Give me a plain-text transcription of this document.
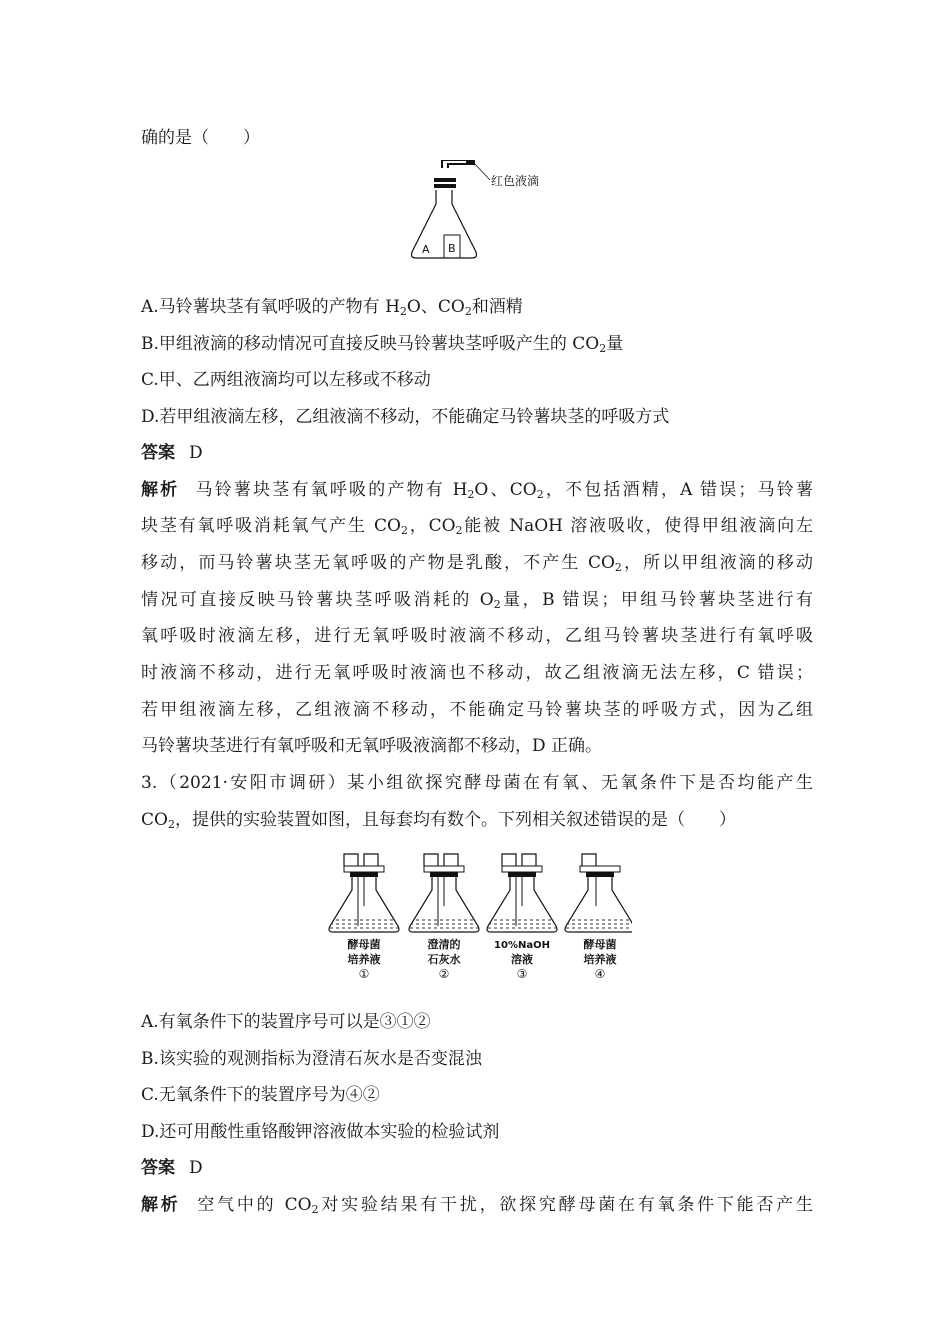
确的是（　　）
红色液滴
A B
A.马铃薯块茎有氧呼吸的产物有 $H_2O$、$CO_2$和酒精
B.甲组液滴的移动情况可直接反映马铃薯块茎呼吸产生的 $CO_2$量
C.甲、乙两组液滴均可以左移或不移动
D.若甲组液滴左移，乙组液滴不移动，不能确定马铃薯块茎的呼吸方式
答案 D
解析 马铃薯块茎有氧呼吸的产物有 $H_2O$、$CO_2$，不包括酒精，A 错误；马铃薯
块茎有氧呼吸消耗氧气产生 $CO_2$，$CO_2$能被 NaOH 溶液吸收，使得甲组液滴向左
移动，而马铃薯块茎无氧呼吸的产物是乳酸，不产生 $CO_2$，所以甲组液滴的移动
情况可直接反映马铃薯块茎呼吸消耗的 $O_2$量，B 错误；甲组马铃薯块茎进行有
氧呼吸时液滴左移，进行无氧呼吸时液滴不移动，乙组马铃薯块茎进行有氧呼吸
时液滴不移动，进行无氧呼吸时液滴也不移动，故乙组液滴无法左移，C 错误；
若甲组液滴左移，乙组液滴不移动，不能确定马铃薯块茎的呼吸方式，因为乙组
马铃薯块茎进行有氧呼吸和无氧呼吸液滴都不移动，D 正确。
3.（2021·安阳市调研）某小组欲探究酵母菌在有氧、无氧条件下是否均能产生
$CO_2$，提供的实验装置如图，且每套均有数个。下列相关叙述错误的是（　　）
酵母菌
培养液
①
澄清的
石灰水
②
10%NaOH
溶液
③
酵母菌
培养液
④
A.有氧条件下的装置序号可以是③①②
B.该实验的观测指标为澄清石灰水是否变混浊
C.无氧条件下的装置序号为④②
D.还可用酸性重铬酸钾溶液做本实验的检验试剂
答案 D
解析 空气中的 $CO_2$对实验结果有干扰，欲探究酵母菌在有氧条件下能否产生
